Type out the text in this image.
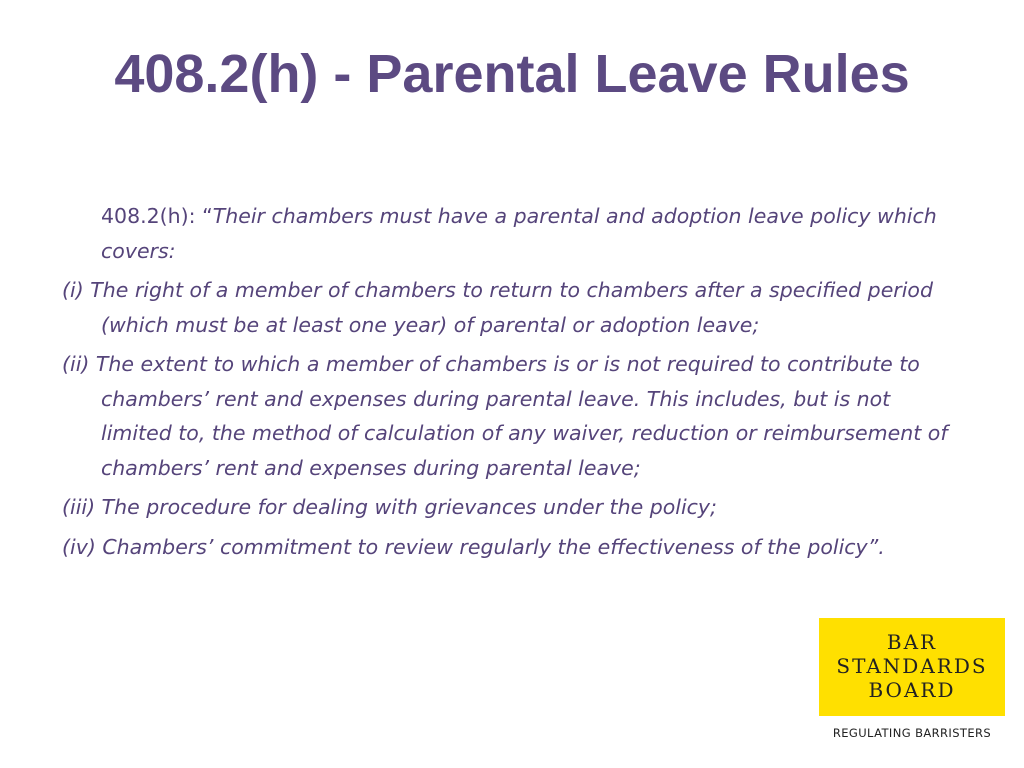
408.2(h) - Parental Leave Rules

408.2(h): “Their chambers must have a parental and adoption leave policy which covers:

(i) The right of a member of chambers to return to chambers after a specified period (which must be at least one year) of parental or adoption leave;

(ii) The extent to which a member of chambers is or is not required to contribute to chambers’ rent and expenses during parental leave. This includes, but is not limited to, the method of calculation of any waiver, reduction or reimbursement of chambers’ rent and expenses during parental leave;

(iii) The procedure for dealing with grievances under the policy;

(iv) Chambers’ commitment to review regularly the effectiveness of the policy”.

BAR
STANDARDS
BOARD
REGULATING BARRISTERS
